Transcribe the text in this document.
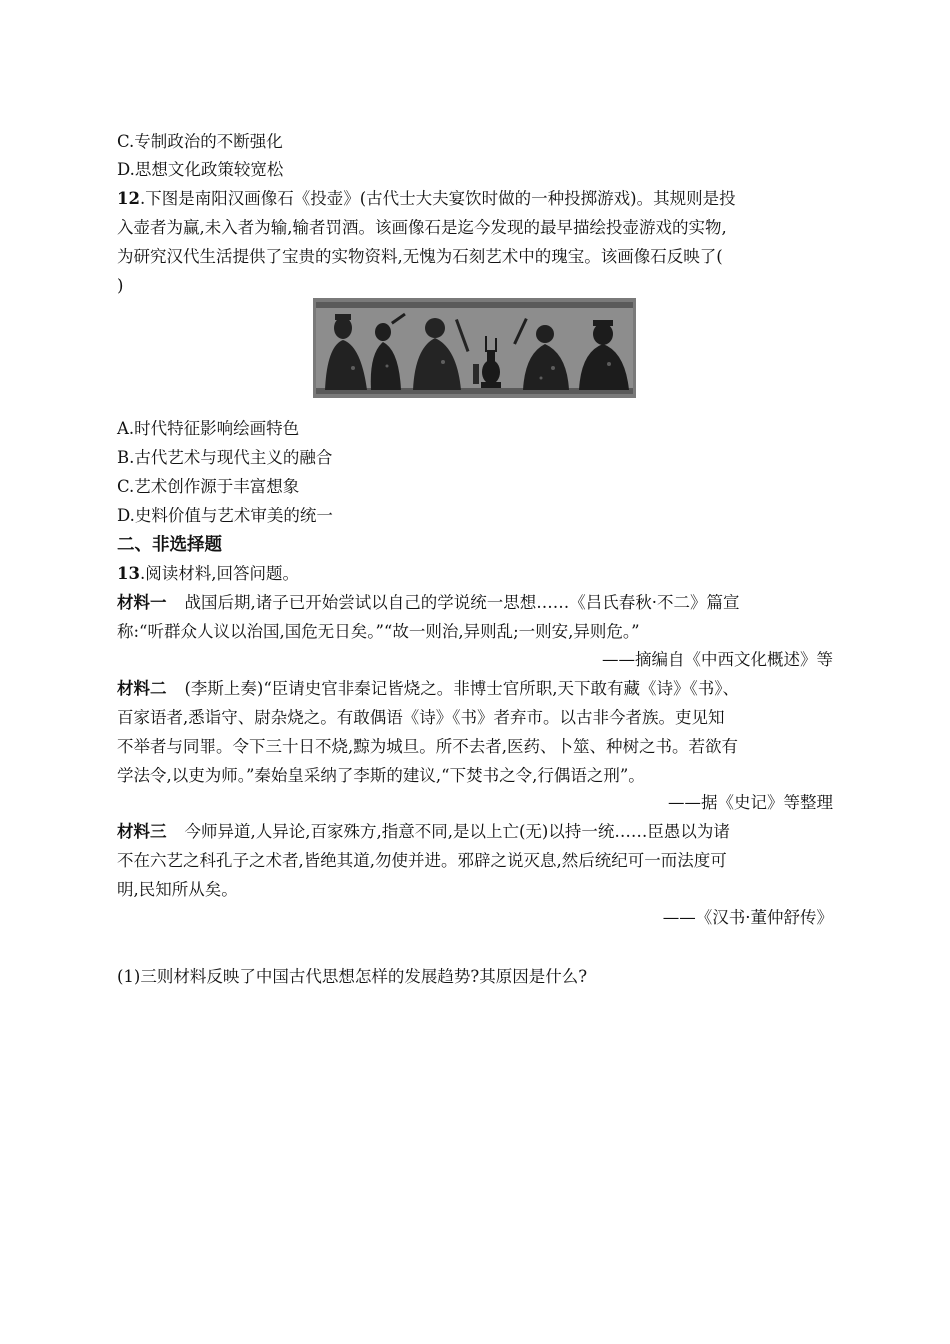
C.专制政治的不断强化
D.思想文化政策较宽松
12.下图是南阳汉画像石《投壶》(古代士大夫宴饮时做的一种投掷游戏)。其规则是投
入壶者为赢,未入者为输,输者罚酒。该画像石是迄今发现的最早描绘投壶游戏的实物,
为研究汉代生活提供了宝贵的实物资料,无愧为石刻艺术中的瑰宝。该画像石反映了(
)
A.时代特征影响绘画特色
B.古代艺术与现代主义的融合
C.艺术创作源于丰富想象
D.史料价值与艺术审美的统一
二、非选择题
13.阅读材料,回答问题。
材料一 战国后期,诸子已开始尝试以自己的学说统一思想……《吕氏春秋·不二》篇宣
称:“听群众人议以治国,国危无日矣。”“故一则治,异则乱;一则安,异则危。”
——摘编自《中西文化概述》等
材料二 (李斯上奏)“臣请史官非秦记皆烧之。非博士官所职,天下敢有藏《诗》《书》、
百家语者,悉诣守、尉杂烧之。有敢偶语《诗》《书》者弃市。以古非今者族。吏见知
不举者与同罪。令下三十日不烧,黥为城旦。所不去者,医药、卜筮、种树之书。若欲有
学法令,以吏为师。”秦始皇采纳了李斯的建议,“下焚书之令,行偶语之刑”。
——据《史记》等整理
材料三 今师异道,人异论,百家殊方,指意不同,是以上亡(无)以持一统……臣愚以为诸
不在六艺之科孔子之术者,皆绝其道,勿使并进。邪辟之说灭息,然后统纪可一而法度可
明,民知所从矣。
——《汉书·董仲舒传》
(1)三则材料反映了中国古代思想怎样的发展趋势?其原因是什么?
